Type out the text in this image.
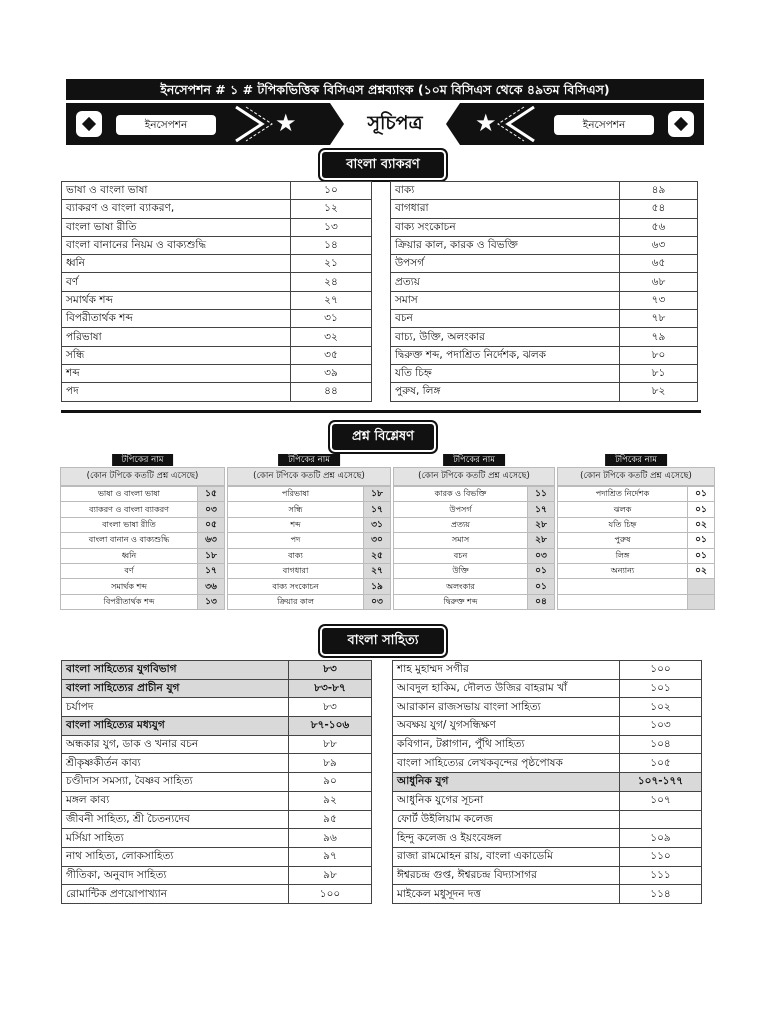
ইনসেপশন # ১ # টপিকভিত্তিক বিসিএস প্রশ্নব্যাংক (১০ম বিসিএস থেকে ৪৯তম বিসিএস)
ইনসেপশন	★	সূচিপত্র	★	ইনসেপশন
বাংলা ব্যাকরণ
ভাষা ও বাংলা ভাষা	১০
ব্যাকরণ ও বাংলা ব্যাকরণ,	১২
বাংলা ভাষা রীতি	১৩
বাংলা বানানের নিয়ম ও বাক্যশুদ্ধি	১৪
ধ্বনি	২১
বর্ণ	২৪
সমার্থক শব্দ	২৭
বিপরীতার্থক শব্দ	৩১
পরিভাষা	৩২
সন্ধি	৩৫
শব্দ	৩৯
পদ	৪৪
বাক্য	৪৯
বাগধারা	৫৪
বাক্য সংকোচন	৫৬
ক্রিয়ার কাল, কারক ও বিভক্তি	৬৩
উপসর্গ	৬৫
প্রত্যয়	৬৮
সমাস	৭৩
বচন	৭৮
বাচ্য, উক্তি, অলংকার	৭৯
দ্বিরুক্ত শব্দ, পদাশ্রিত নির্দেশক, ঝলক	৮০
যতি চিহ্ন	৮১
পুরুষ, লিঙ্গ	৮২
প্রশ্ন বিশ্লেষণ
টপিকের নাম
(কোন টপিকে কতটি প্রশ্ন এসেছে)
ভাষা ও বাংলা ভাষা	১৫
ব্যাকরণ ও বাংলা ব্যাকরণ	০৩
বাংলা ভাষা রীতি	০৫
বাংলা বানান ও বাক্যশুদ্ধি	৬৩
ধ্বনি	১৮
বর্ণ	১৭
সমার্থক শব্দ	৩৬
বিপরীতার্থক শব্দ	১৩
টপিকের নাম
(কোন টপিকে কতটি প্রশ্ন এসেছে)
পরিভাষা	১৮
সন্ধি	১৭
শব্দ	৩১
পদ	৩০
বাক্য	২৫
বাগধারা	২৭
বাক্য সংকোচন	১৯
ক্রিয়ার কাল	০৩
টপিকের নাম
(কোন টপিকে কতটি প্রশ্ন এসেছে)
কারক ও বিভক্তি	১১
উপসর্গ	১৭
প্রত্যয়	২৮
সমাস	২৮
বচন	০৩
উক্তি	০১
অলংকার	০১
দ্বিরুক্ত শব্দ	০৪
টপিকের নাম
(কোন টপিকে কতটি প্রশ্ন এসেছে)
পদাশ্রিত নির্দেশক	০১
ঝলক	০১
যতি চিহ্ন	০২
পুরুষ	০১
লিঙ্গ	০১
অন্যান্য	০২

বাংলা সাহিত্য
বাংলা সাহিত্যের যুগবিভাগ	৮৩
বাংলা সাহিত্যের প্রাচীন যুগ	৮৩-৮৭
চর্যাপদ	৮৩
বাংলা সাহিত্যের মধ্যযুগ	৮৭-১০৬
অন্ধকার যুগ, ডাক ও খনার বচন	৮৮
শ্রীকৃষ্ণকীর্তন কাব্য	৮৯
চণ্ডীদাস সমস্যা, বৈষ্ণব সাহিত্য	৯০
মঙ্গল কাব্য	৯২
জীবনী সাহিত্য, শ্রী চৈতন্যদেব	৯৫
মর্সিয়া সাহিত্য	৯৬
নাথ সাহিত্য, লোকসাহিত্য	৯৭
গীতিকা, অনুবাদ সাহিত্য	৯৮
রোমান্টিক প্রণয়োপাখ্যান	১০০
শাহ মুহাম্মদ সগীর	১০০
আবদুল হাকিম, দৌলত উজির বাহরাম খাঁ	১০১
আরাকান রাজসভায় বাংলা সাহিত্য	১০২
অবক্ষয় যুগ/ যুগসন্ধিক্ষণ	১০৩
কবিগান, টপ্পাগান, পুঁথি সাহিত্য	১০৪
বাংলা সাহিত্যের লেখকবৃন্দের পৃষ্ঠপোষক	১০৫
আধুনিক যুগ	১০৭-১৭৭
আধুনিক যুগের সূচনা	১০৭
ফোর্ট উইলিয়াম কলেজ	
হিন্দু কলেজ ও ইয়ংবেঙ্গল	১০৯
রাজা রামমোহন রায়, বাংলা একাডেমি	১১০
ঈশ্বরচন্দ্র গুপ্ত, ঈশ্বরচন্দ্র বিদ্যাসাগর	১১১
মাইকেল মধুসূদন দত্ত	১১৪
